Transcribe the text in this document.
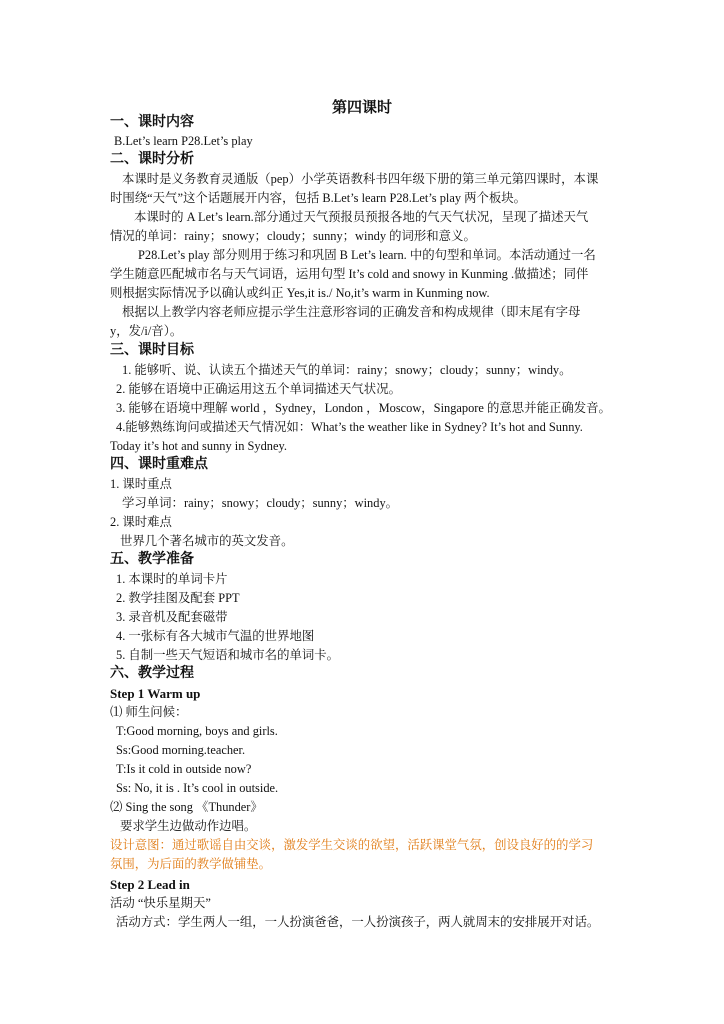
第四课时
一、课时内容
B.Let’s learn P28.Let’s play
二、课时分析
本课时是义务教育灵通版（pep）小学英语教科书四年级下册的第三单元第四课时，本课
时围绕“天气”这个话题展开内容，包括 B.Let’s learn P28.Let’s play 两个板块。
本课时的 A Let’s learn.部分通过天气预报员预报各地的气天气状况，呈现了描述天气
情况的单词：rainy；snowy；cloudy；sunny；windy 的词形和意义。
P28.Let’s play 部分则用于练习和巩固 B Let’s learn. 中的句型和单词。本活动通过一名
学生随意匹配城市名与天气词语，运用句型 It’s cold and snowy in Kunming .做描述；同伴
则根据实际情况予以确认或纠正 Yes,it is./ No,it’s warm in Kunming now.
根据以上教学内容老师应提示学生注意形容词的正确发音和构成规律（即末尾有字母
y，发/i/音）。
三、课时目标
1. 能够听、说、认读五个描述天气的单词：rainy；snowy；cloudy；sunny；windy。
2. 能够在语境中正确运用这五个单词描述天气状况。
3. 能够在语境中理解 world ，Sydney，London ，Moscow，Singapore 的意思并能正确发音。
4.能够熟练询问或描述天气情况如：What’s the weather like in Sydney? It’s hot and Sunny.
Today it’s hot and sunny in Sydney.
四、课时重难点
1. 课时重点
学习单词：rainy；snowy；cloudy；sunny；windy。
2. 课时难点
世界几个著名城市的英文发音。
五、教学准备
1. 本课时的单词卡片
2. 教学挂图及配套 PPT
3. 录音机及配套磁带
4. 一张标有各大城市气温的世界地图
5. 自制一些天气短语和城市名的单词卡。
六、教学过程
Step 1 Warm up
⑴ 师生问候：
T:Good morning, boys and girls.
Ss:Good morning.teacher.
T:Is it cold in outside now?
Ss: No, it is . It’s cool in outside.
⑵ Sing the song 《Thunder》
要求学生边做动作边唱。
设计意图：通过歌谣自由交谈，激发学生交谈的欲望，活跃课堂气氛，创设良好的的学习
氛围，为后面的教学做铺垫。
Step 2 Lead in
活动 “快乐星期天”
活动方式：学生两人一组，一人扮演爸爸，一人扮演孩子，两人就周末的安排展开对话。
